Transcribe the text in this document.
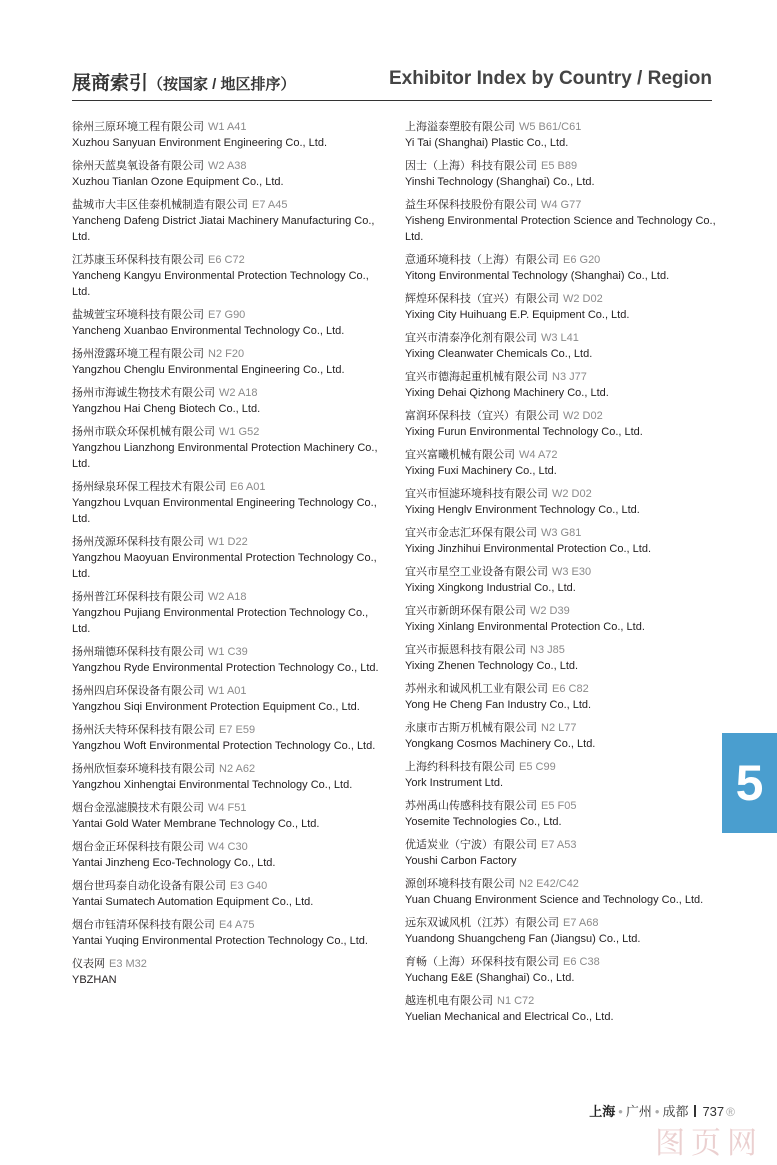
展商索引（按国家 / 地区排序）	Exhibitor Index by Country / Region
徐州三原环境工程有限公司 W1 A41
Xuzhou Sanyuan Environment Engineering Co., Ltd.
徐州天蓝臭氧设备有限公司 W2 A38
Xuzhou Tianlan Ozone Equipment Co., Ltd.
盐城市大丰区佳泰机械制造有限公司 E7 A45
Yancheng Dafeng District Jiatai Machinery Manufacturing Co., Ltd.
江苏康玉环保科技有限公司 E6 C72
Yancheng Kangyu Environmental Protection Technology Co., Ltd.
盐城萱宝环境科技有限公司 E7 G90
Yancheng Xuanbao Environmental Technology Co., Ltd.
扬州澄露环境工程有限公司 N2 F20
Yangzhou Chenglu Environmental Engineering Co., Ltd.
扬州市海诚生物技术有限公司 W2 A18
Yangzhou Hai Cheng Biotech Co., Ltd.
扬州市联众环保机械有限公司 W1 G52
Yangzhou Lianzhong Environmental Protection Machinery Co., Ltd.
扬州绿泉环保工程技术有限公司 E6 A01
Yangzhou Lvquan Environmental Engineering Technology Co., Ltd.
扬州茂源环保科技有限公司 W1 D22
Yangzhou Maoyuan Environmental Protection Technology Co., Ltd.
扬州普江环保科技有限公司 W2 A18
Yangzhou Pujiang Environmental Protection Technology Co., Ltd.
扬州瑞德环保科技有限公司 W1 C39
Yangzhou Ryde Environmental Protection Technology Co., Ltd.
扬州四启环保设备有限公司 W1 A01
Yangzhou Siqi Environment Protection Equipment Co., Ltd.
扬州沃夫特环保科技有限公司 E7 E59
Yangzhou Woft Environmental Protection Technology Co., Ltd.
扬州欣恒泰环境科技有限公司 N2 A62
Yangzhou Xinhengtai Environmental Technology Co., Ltd.
烟台金泓滤膜技术有限公司 W4 F51
Yantai Gold Water Membrane Technology Co., Ltd.
烟台金正环保科技有限公司 W4 C30
Yantai Jinzheng Eco-Technology Co., Ltd.
烟台世玛泰自动化设备有限公司 E3 G40
Yantai Sumatech Automation Equipment Co., Ltd.
烟台市钰清环保科技有限公司 E4 A75
Yantai Yuqing Environmental Protection Technology Co., Ltd.
仪表网 E3 M32
YBZHAN
上海溢泰塑胶有限公司 W5 B61/C61
Yi Tai (Shanghai) Plastic Co., Ltd.
因士（上海）科技有限公司 E5 B89
Yinshi Technology (Shanghai) Co., Ltd.
益生环保科技股份有限公司 W4 G77
Yisheng Environmental Protection Science and Technology Co., Ltd.
意通环境科技（上海）有限公司 E6 G20
Yitong Environmental Technology (Shanghai) Co., Ltd.
辉煌环保科技（宜兴）有限公司 W2 D02
Yixing City Huihuang E.P. Equipment Co., Ltd.
宜兴市清泰净化剂有限公司 W3 L41
Yixing Cleanwater Chemicals Co., Ltd.
宜兴市德海起重机械有限公司 N3 J77
Yixing Dehai Qizhong Machinery Co., Ltd.
富润环保科技（宜兴）有限公司 W2 D02
Yixing Furun Environmental Technology Co., Ltd.
宜兴富曦机械有限公司 W4 A72
Yixing Fuxi Machinery Co., Ltd.
宜兴市恒滤环境科技有限公司 W2 D02
Yixing Henglv Environment Technology Co., Ltd.
宜兴市金志汇环保有限公司 W3 G81
Yixing Jinzhihui Environmental Protection Co., Ltd.
宜兴市星空工业设备有限公司 W3 E30
Yixing Xingkong Industrial Co., Ltd.
宜兴市新朗环保有限公司 W2 D39
Yixing Xinlang Environmental Protection Co., Ltd.
宜兴市振恩科技有限公司 N3 J85
Yixing Zhenen Technology Co., Ltd.
苏州永和诚风机工业有限公司 E6 C82
Yong He Cheng Fan Industry Co., Ltd.
永康市古斯万机械有限公司 N2 L77
Yongkang Cosmos Machinery Co., Ltd.
上海约科科技有限公司 E5 C99
York Instrument Ltd.
苏州禹山传感科技有限公司 E5 F05
Yosemite Technologies Co., Ltd.
优适炭业（宁波）有限公司 E7 A53
Youshi Carbon Factory
源创环境科技有限公司 N2 E42/C42
Yuan Chuang Environment Science and Technology Co., Ltd.
远东双诚风机（江苏）有限公司 E7 A68
Yuandong Shuangcheng Fan (Jiangsu) Co., Ltd.
育畅（上海）环保科技有限公司 E6 C38
Yuchang E&E (Shanghai) Co., Ltd.
越连机电有限公司 N1 C72
Yuelian Mechanical and Electrical Co., Ltd.
5
上海 • 广州 • 成都 737 ®
图页网
